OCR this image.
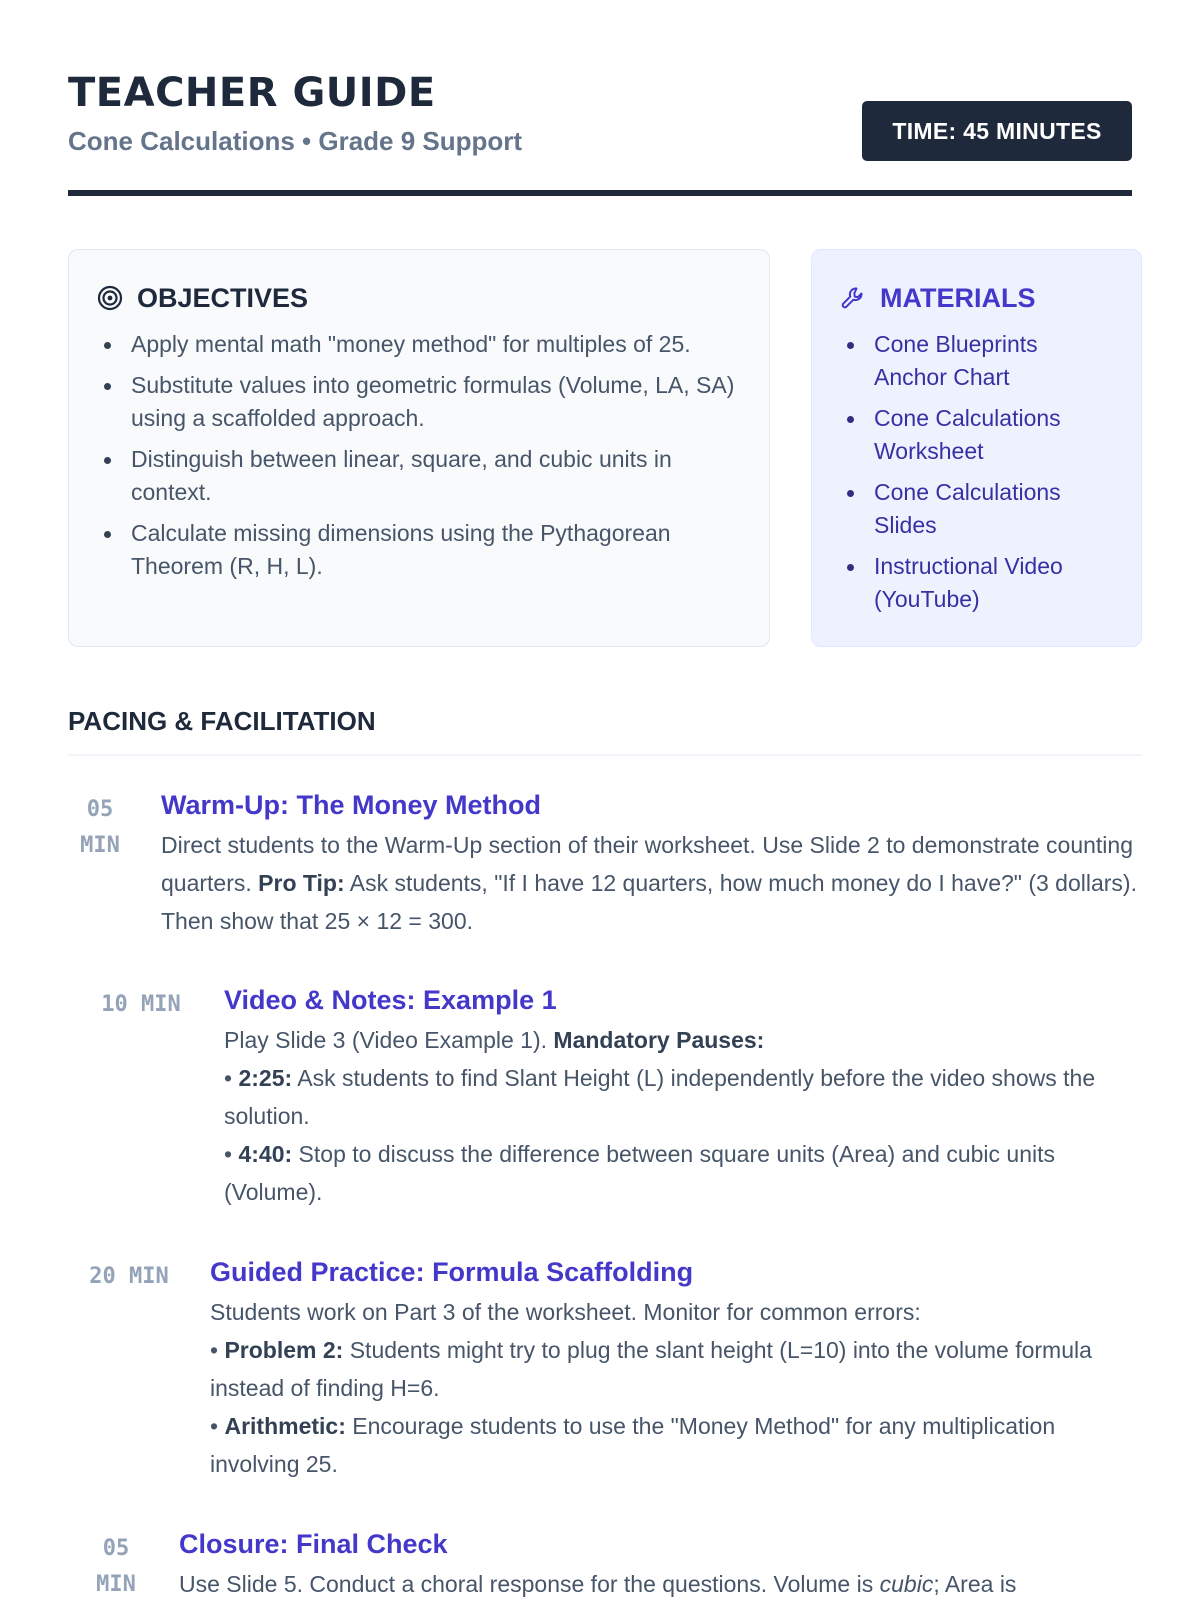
TEACHER GUIDE
Cone Calculations • Grade 9 Support	TIME: 45 MINUTES
OBJECTIVES
Apply mental math "money method" for multiples of 25.
Substitute values into geometric formulas (Volume, LA, SA) using a scaffolded approach.
Distinguish between linear, square, and cubic units in context.
Calculate missing dimensions using the Pythagorean Theorem (R, H, L).
MATERIALS
Cone Blueprints Anchor Chart
Cone Calculations Worksheet
Cone Calculations Slides
Instructional Video (YouTube)
PACING & FACILITATION
05 MIN
Warm-Up: The Money Method
Direct students to the Warm-Up section of their worksheet. Use Slide 2 to demonstrate counting quarters. Pro Tip: Ask students, "If I have 12 quarters, how much money do I have?" (3 dollars). Then show that 25 × 12 = 300.
10 MIN Video & Notes: Example 1
Play Slide 3 (Video Example 1). Mandatory Pauses:
• 2:25: Ask students to find Slant Height (L) independently before the video shows the solution.
• 4:40: Stop to discuss the difference between square units (Area) and cubic units (Volume).
20 MIN Guided Practice: Formula Scaffolding
Students work on Part 3 of the worksheet. Monitor for common errors:
• Problem 2: Students might try to plug the slant height (L=10) into the volume formula instead of finding H=6.
• Arithmetic: Encourage students to use the "Money Method" for any multiplication involving 25.
05 MIN
Closure: Final Check
Use Slide 5. Conduct a choral response for the questions. Volume is cubic; Area is
